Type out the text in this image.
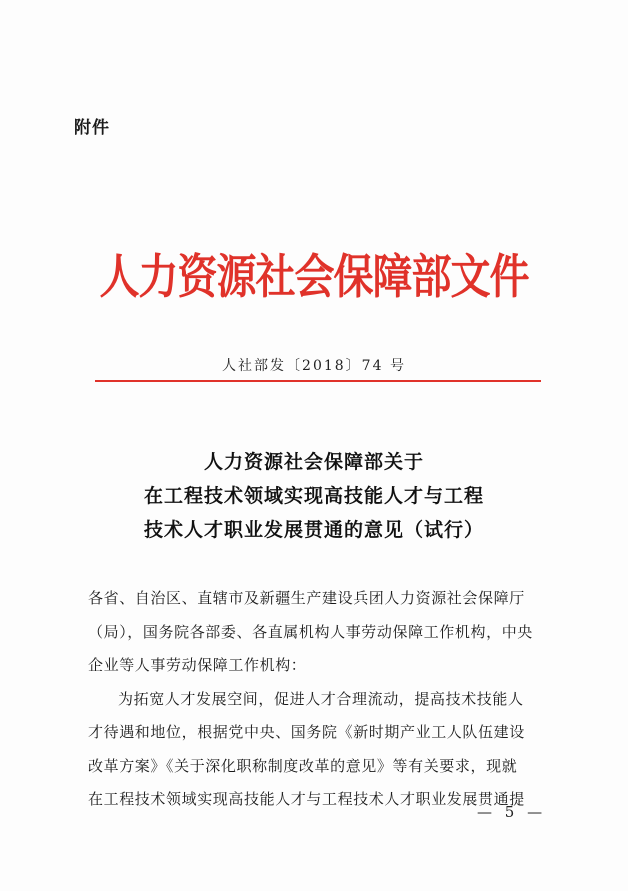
附件
人力资源社会保障部文件
人社部发〔2018〕74 号
人力资源社会保障部关于
在工程技术领域实现高技能人才与工程
技术人才职业发展贯通的意见（试行）
各省、自治区、直辖市及新疆生产建设兵团人力资源社会保障厅
（局），国务院各部委、各直属机构人事劳动保障工作机构，中央
企业等人事劳动保障工作机构：
为拓宽人才发展空间，促进人才合理流动，提高技术技能人
才待遇和地位，根据党中央、国务院《新时期产业工人队伍建设
改革方案》《关于深化职称制度改革的意见》等有关要求，现就
在工程技术领域实现高技能人才与工程技术人才职业发展贯通提
— 5 —
